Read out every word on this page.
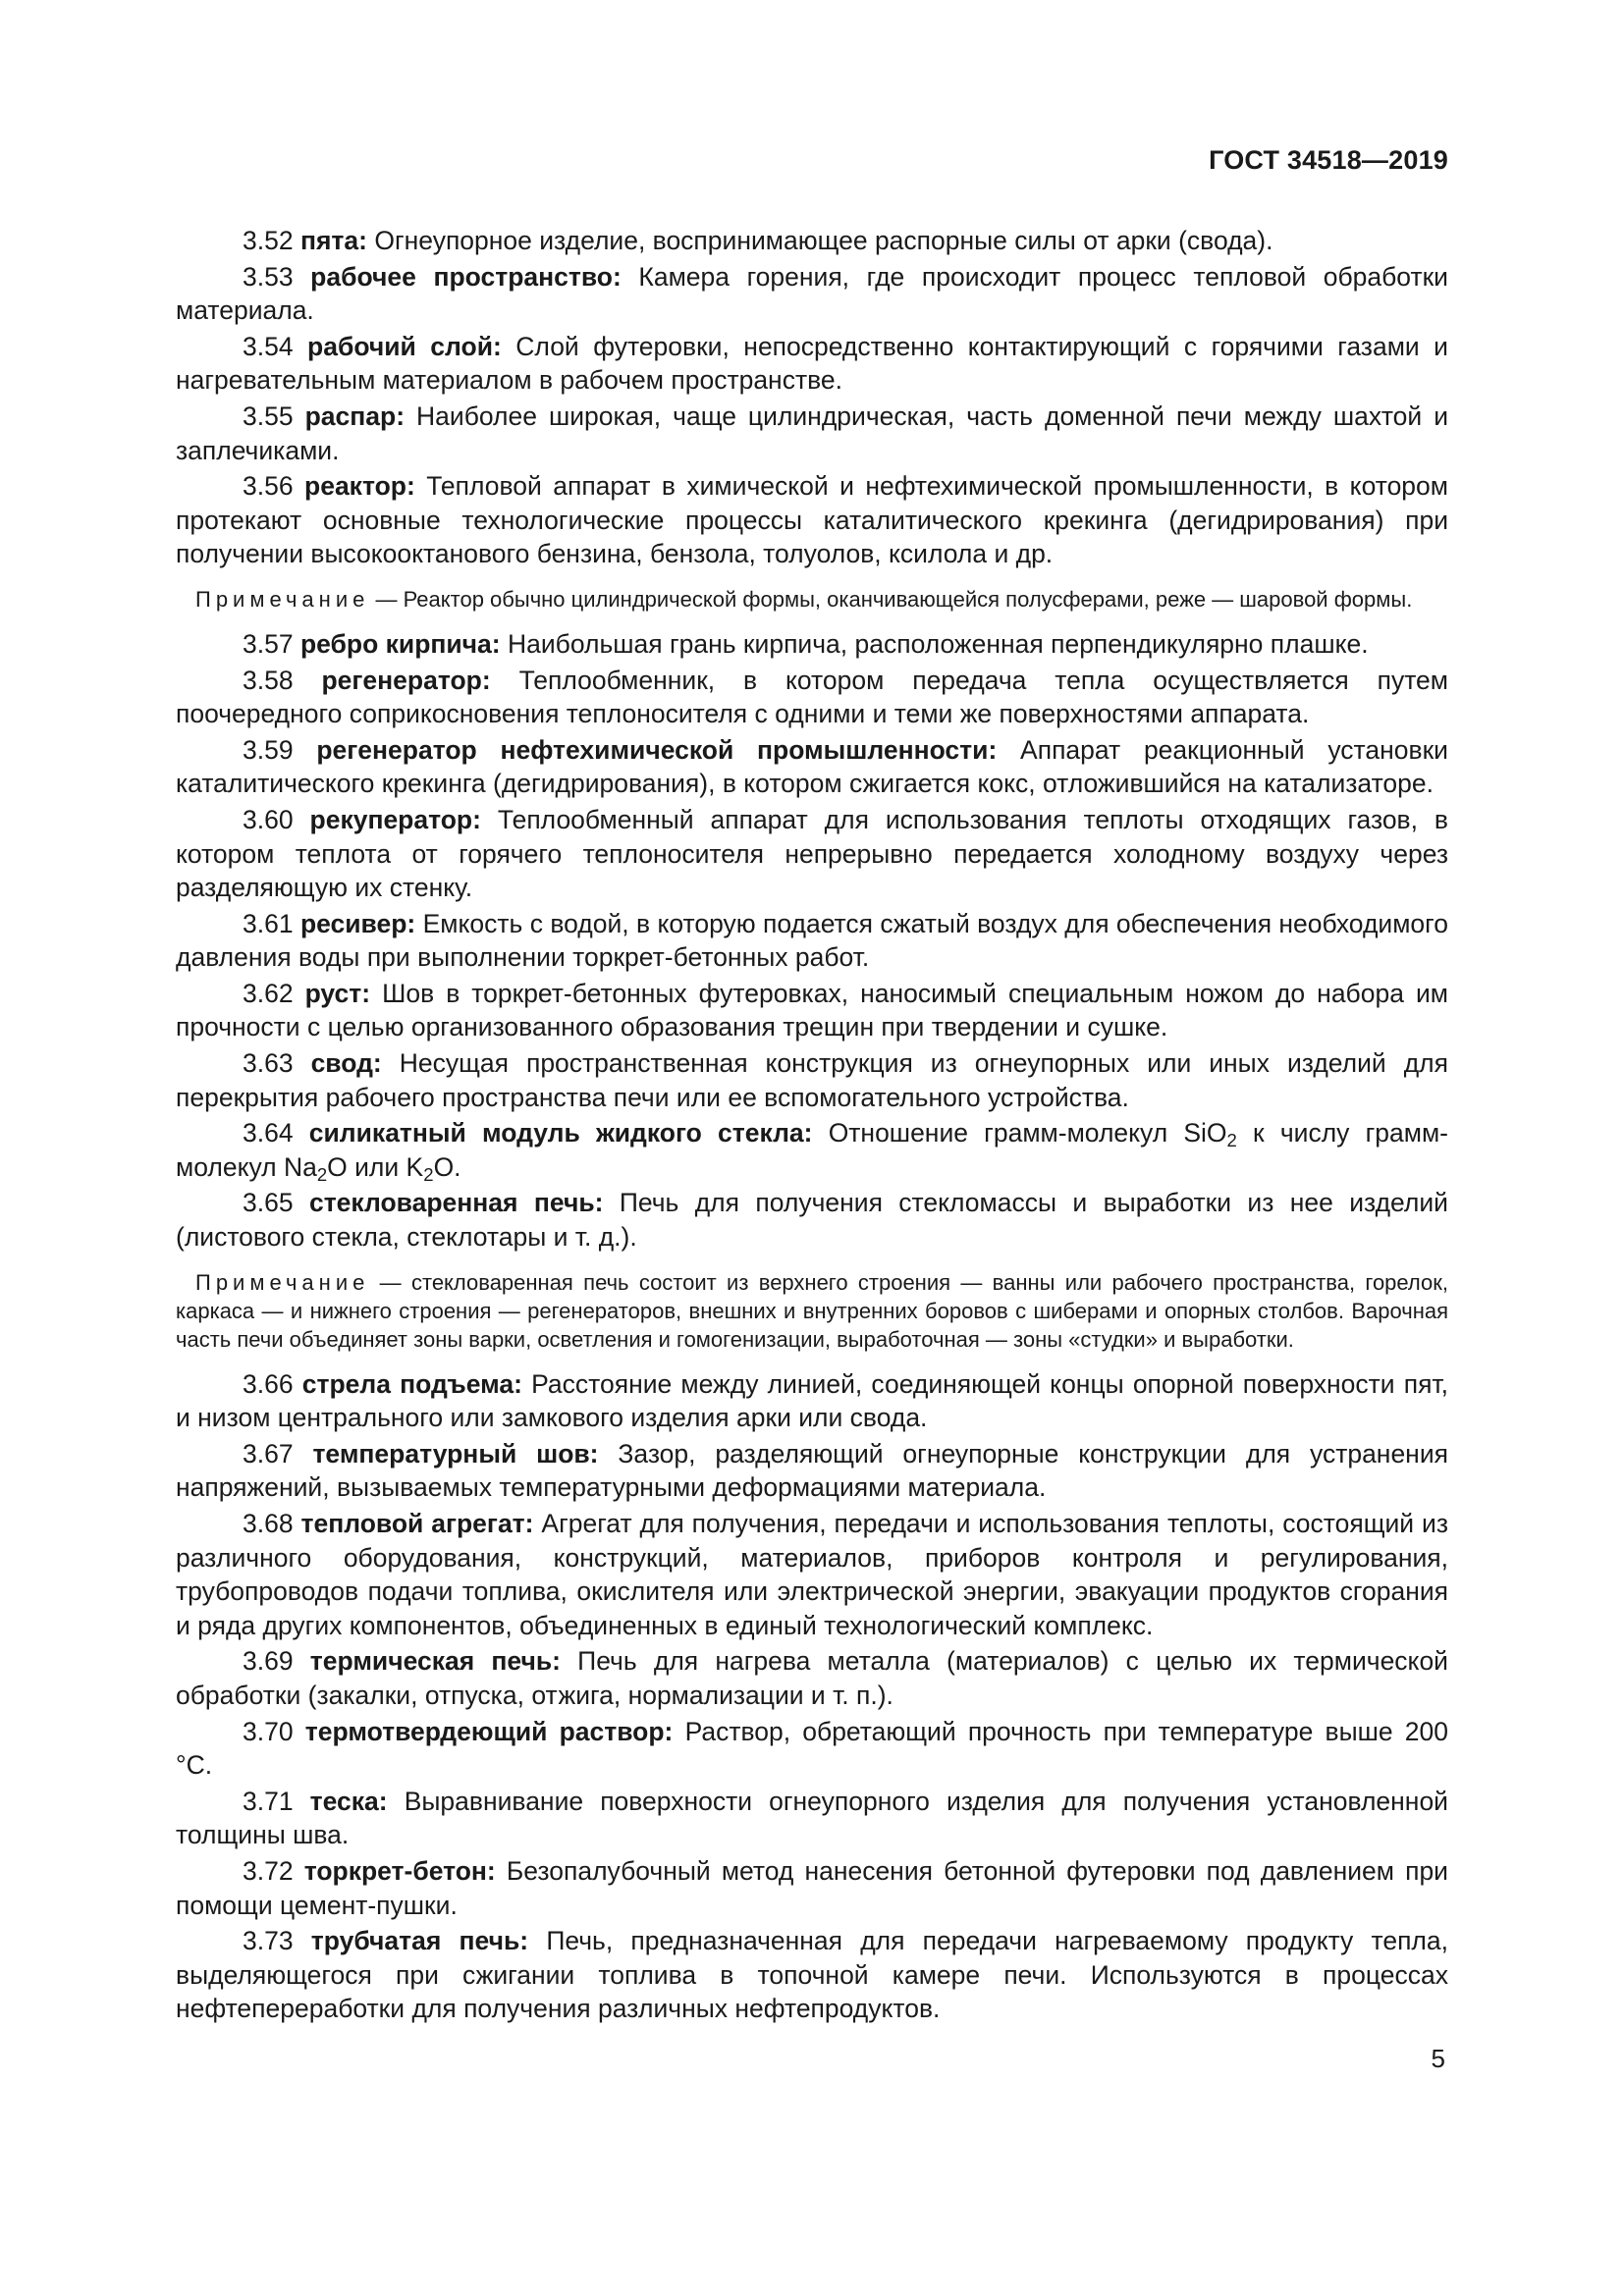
ГОСТ 34518—2019

3.52 пята: Огнеупорное изделие, воспринимающее распорные силы от арки (свода).

3.53 рабочее пространство: Камера горения, где происходит процесс тепловой обработки материала.

3.54 рабочий слой: Слой футеровки, непосредственно контактирующий с горячими газами и нагревательным материалом в рабочем пространстве.

3.55 распар: Наиболее широкая, чаще цилиндрическая, часть доменной печи между шахтой и заплечиками.

3.56 реактор: Тепловой аппарат в химической и нефтехимической промышленности, в котором протекают основные технологические процессы каталитического крекинга (дегидрирования) при получении высокооктанового бензина, бензола, толуолов, ксилола и др.

Примечание — Реактор обычно цилиндрической формы, оканчивающейся полусферами, реже — шаровой формы.

3.57 ребро кирпича: Наибольшая грань кирпича, расположенная перпендикулярно плашке.

3.58 регенератор: Теплообменник, в котором передача тепла осуществляется путем поочередного соприкосновения теплоносителя с одними и теми же поверхностями аппарата.

3.59 регенератор нефтехимической промышленности: Аппарат реакционный установки каталитического крекинга (дегидрирования), в котором сжигается кокс, отложившийся на катализаторе.

3.60 рекуператор: Теплообменный аппарат для использования теплоты отходящих газов, в котором теплота от горячего теплоносителя непрерывно передается холодному воздуху через разделяющую их стенку.

3.61 ресивер: Емкость с водой, в которую подается сжатый воздух для обеспечения необходимого давления воды при выполнении торкрет-бетонных работ.

3.62 руст: Шов в торкрет-бетонных футеровках, наносимый специальным ножом до набора им прочности с целью организованного образования трещин при твердении и сушке.

3.63 свод: Несущая пространственная конструкция из огнеупорных или иных изделий для перекрытия рабочего пространства печи или ее вспомогательного устройства.

3.64 силикатный модуль жидкого стекла: Отношение грамм-молекул SiO$_2$ к числу грамм-молекул $Na_2O$ или $K_2O$.

3.65 стекловаренная печь: Печь для получения стекломассы и выработки из нее изделий (листового стекла, стеклотары и т. д.).

Примечание — стекловаренная печь состоит из верхнего строения — ванны или рабочего пространства, горелок, каркаса — и нижнего строения — регенераторов, внешних и внутренних боровов с шиберами и опорных столбов. Варочная часть печи объединяет зоны варки, осветления и гомогенизации, выработочная — зоны «студки» и выработки.

3.66 стрела подъема: Расстояние между линией, соединяющей концы опорной поверхности пят, и низом центрального или замкового изделия арки или свода.

3.67 температурный шов: Зазор, разделяющий огнеупорные конструкции для устранения напряжений, вызываемых температурными деформациями материала.

3.68 тепловой агрегат: Агрегат для получения, передачи и использования теплоты, состоящий из различного оборудования, конструкций, материалов, приборов контроля и регулирования, трубопроводов подачи топлива, окислителя или электрической энергии, эвакуации продуктов сгорания и ряда других компонентов, объединенных в единый технологический комплекс.

3.69 термическая печь: Печь для нагрева металла (материалов) с целью их термической обработки (закалки, отпуска, отжига, нормализации и т. п.).

3.70 термотвердеющий раствор: Раствор, обретающий прочность при температуре выше 200 °С.

3.71 теска: Выравнивание поверхности огнеупорного изделия для получения установленной толщины шва.

3.72 торкрет-бетон: Безопалубочный метод нанесения бетонной футеровки под давлением при помощи цемент-пушки.

3.73 трубчатая печь: Печь, предназначенная для передачи нагреваемому продукту тепла, выделяющегося при сжигании топлива в топочной камере печи. Используются в процессах нефтепереработки для получения различных нефтепродуктов.

5
